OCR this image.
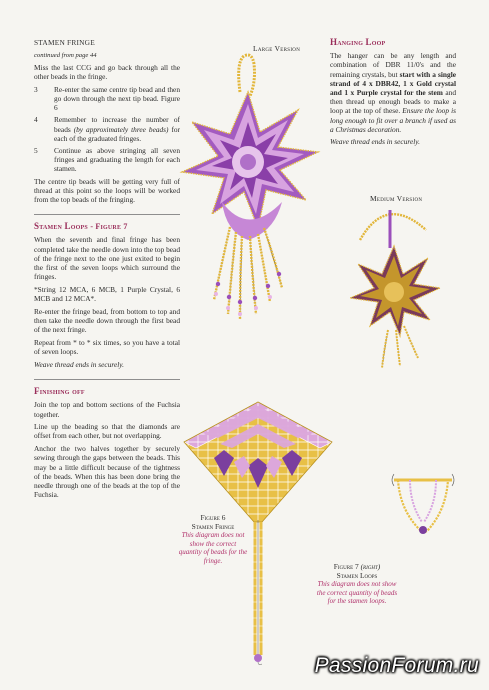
STAMEN FRINGE

continued from page 44

Miss the last CCG and go back through all the other beads in the fringe.

3	Re-enter the same centre tip bead and then go down through the next tip bead. Figure 6
4	Remember to increase the number of beads (by approximately three beads) for each of the graduated fringes.
5	Continue as above stringing all seven fringes and graduating the length for each stamen.

The centre tip beads will be getting very full of thread at this point so the loops will be worked from the top beads of the fringing.

Stamen Loops - Figure 7

When the seventh and final fringe has been completed take the needle down into the top bead of the fringe next to the one just exited to begin the first of the seven loops which surround the fringes.

*String 12 MCA, 6 MCB, 1 Purple Crystal, 6 MCB and 12 MCA*.

Re-enter the fringe bead, from bottom to top and then take the needle down through the first bead of the next fringe.

Repeat from * to * six times, so you have a total of seven loops.

Weave thread ends in securely.

Finishing off

Join the top and bottom sections of the Fuchsia together.

Line up the beading so that the diamonds are offset from each other, but not overlapping.

Anchor the two halves together by securely sewing through the gaps between the beads. This may be a little difficult because of the tightness of the beads. When this has been done bring the needle through one of the beads at the top of the Fuchsia.

Hanging Loop

The hanger can be any length and combination of DBR 11/0's and the remaining crystals, but start with a single strand of 4 x DBR42, 1 x Gold crystal and 1 x Purple crystal for the stem and then thread up enough beads to make a loop at the top of these. Ensure the loop is long enough to fit over a branch if used as a Christmas decoration.

Weave thread ends in securely.

Large Version
Medium Version
Figure 6
Stamen Fringe
This diagram does not show the correct quantity of beads for the fringe.
Figure 7 (right)
Stamen Loops
This diagram does not show the correct quantity of beads for the stamen loops.
PassionForum.ru
